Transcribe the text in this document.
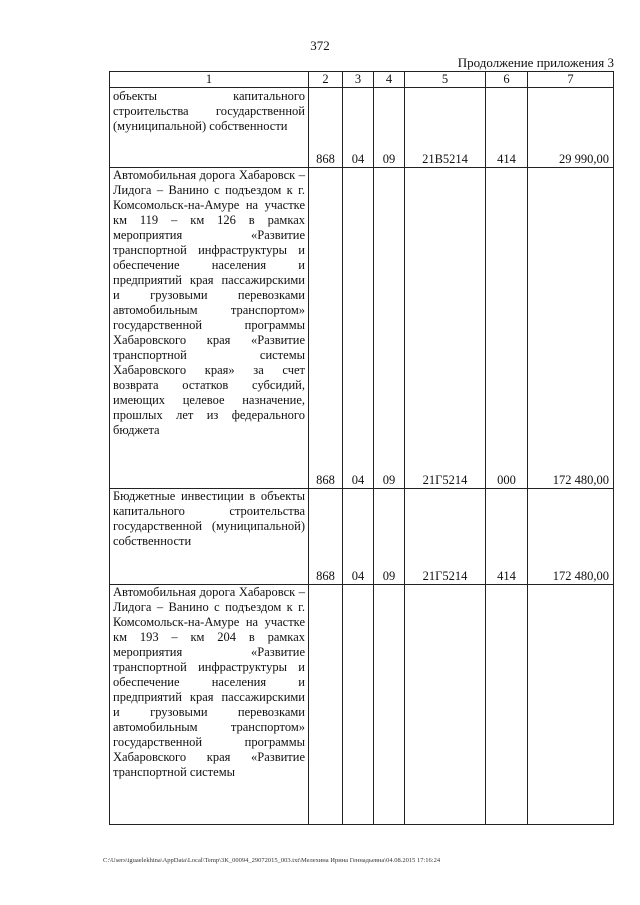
372
Продолжение приложения 3
1	2	3	4	5	6	7
объекты капитального строительства государственной (муниципальной) собственности	868	04	09	21В5214	414	29 990,00
Автомобильная дорога Хабаровск – Лидога – Ванино с подъездом к г. Комсомольск-на-Амуре на участке км 119 – км 126 в рамках мероприятия «Развитие транспортной инфраструктуры и обеспечение населения и предприятий края пассажирскими и грузовыми перевозками автомобильным транспортом» государственной программы Хабаровского края «Развитие транспортной системы Хабаровского края» за счет возврата остатков субсидий, имеющих целевое назначение, прошлых лет из федерального бюджета	868	04	09	21Г5214	000	172 480,00
Бюджетные инвестиции в объекты капитального строительства государственной (муниципальной) собственности	868	04	09	21Г5214	414	172 480,00
Автомобильная дорога Хабаровск – Лидога – Ванино с подъездом к г. Комсомольск-на-Амуре на участке км 193 – км 204 в рамках мероприятия «Развитие транспортной инфраструктуры и обеспечение населения и предприятий края пассажирскими и грузовыми перевозками автомобильным транспортом» государственной программы Хабаровского края «Развитие транспортной системы						
C:\Users\iguaelekhina\AppData\Local\Temp\3K_00094_29072015_003.txt\Мелехина Ирина Геннадьевна\04.08.2015 17:16:24
